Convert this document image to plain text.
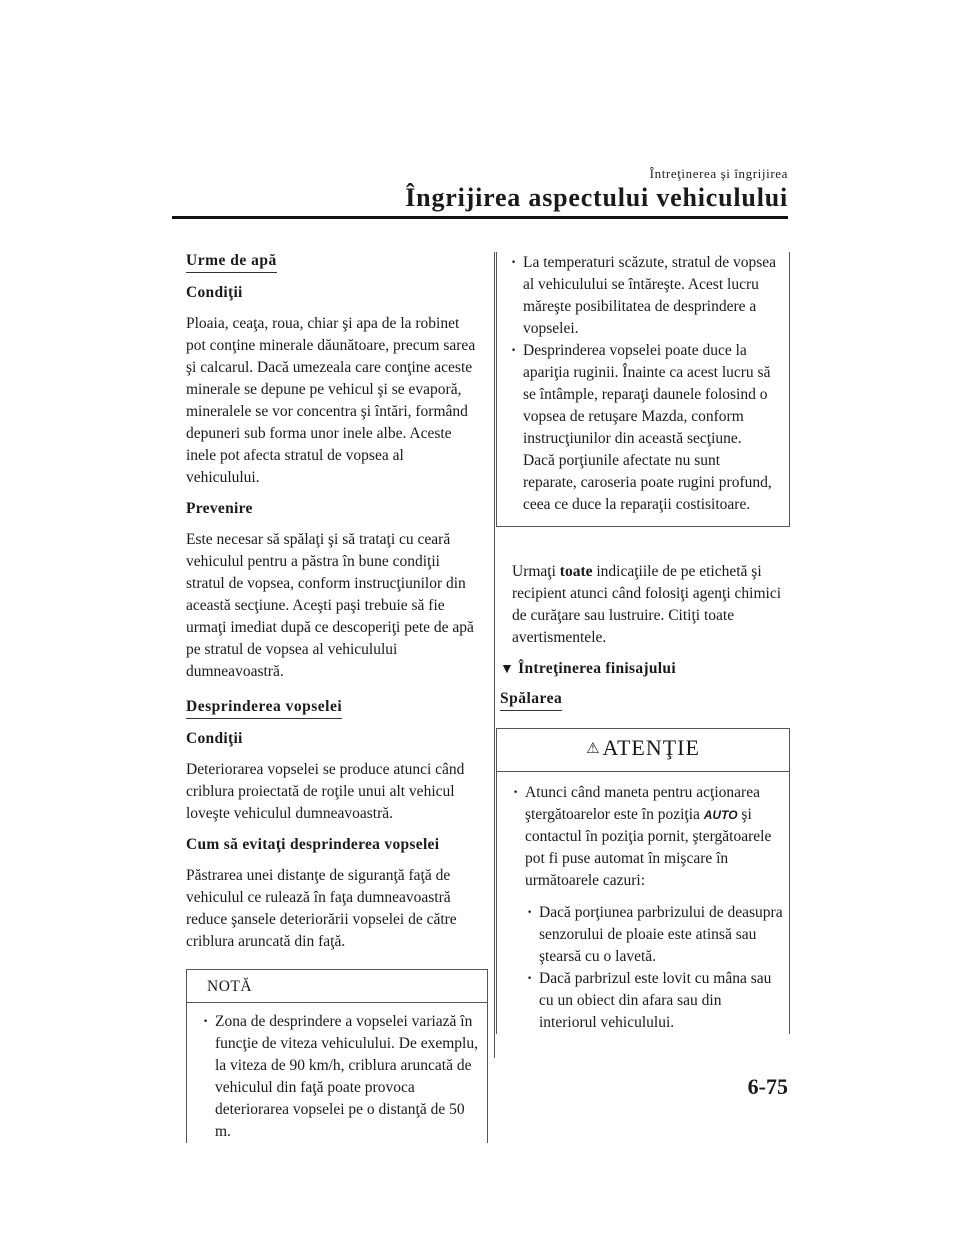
Întreţinerea şi îngrijirea
Îngrijirea aspectului vehiculului
Urme de apă
Condiţii

Ploaia, ceaţa, roua, chiar şi apa de la robinet pot conţine minerale dăunătoare, precum sarea şi calcarul. Dacă umezeala care conţine aceste minerale se depune pe vehicul şi se evaporă, mineralele se vor concentra şi întări, formând depuneri sub forma unor inele albe. Aceste inele pot afecta stratul de vopsea al vehiculului.

Prevenire

Este necesar să spălaţi şi să trataţi cu ceară vehiculul pentru a păstra în bune condiţii stratul de vopsea, conform instrucţiunilor din această secţiune. Aceşti paşi trebuie să fie urmaţi imediat după ce descoperiţi pete de apă pe stratul de vopsea al vehiculului dumneavoastră.

Desprinderea vopselei
Condiţii

Deteriorarea vopselei se produce atunci când criblura proiectată de roţile unui alt vehicul loveşte vehiculul dumneavoastră.

Cum să evitaţi desprinderea vopselei

Păstrarea unei distanţe de siguranţă faţă de vehiculul ce rulează în faţa dumneavoastră reduce şansele deteriorării vopselei de către criblura aruncată din faţă.

NOTĂ
· Zona de desprindere a vopselei variază în funcţie de viteza vehiculului. De exemplu, la viteza de 90 km/h, criblura aruncată de vehiculul din faţă poate provoca deteriorarea vopselei pe o distanţă de 50 m.
· La temperaturi scăzute, stratul de vopsea al vehiculului se întăreşte. Acest lucru măreşte posibilitatea de desprindere a vopselei.
· Desprinderea vopselei poate duce la apariţia ruginii. Înainte ca acest lucru să se întâmple, reparaţi daunele folosind o vopsea de retuşare Mazda, conform instrucţiunilor din această secţiune. Dacă porţiunile afectate nu sunt reparate, caroseria poate rugini profund, ceea ce duce la reparaţii costisitoare.

Urmaţi toate indicaţiile de pe etichetă şi recipient atunci când folosiţi agenţi chimici de curăţare sau lustruire. Citiţi toate avertismentele.

▼ Întreţinerea finisajului
Spălarea
⚠ATENŢIE
· Atunci când maneta pentru acţionarea ştergătoarelor este în poziţia AUTO şi contactul în poziţia pornit, ştergătoarele pot fi puse automat în mişcare în următoarele cazuri:
· Dacă porţiunea parbrizului de deasupra senzorului de ploaie este atinsă sau ştearsă cu o lavetă.
· Dacă parbrizul este lovit cu mâna sau cu un obiect din afara sau din interiorul vehiculului.
6-75
